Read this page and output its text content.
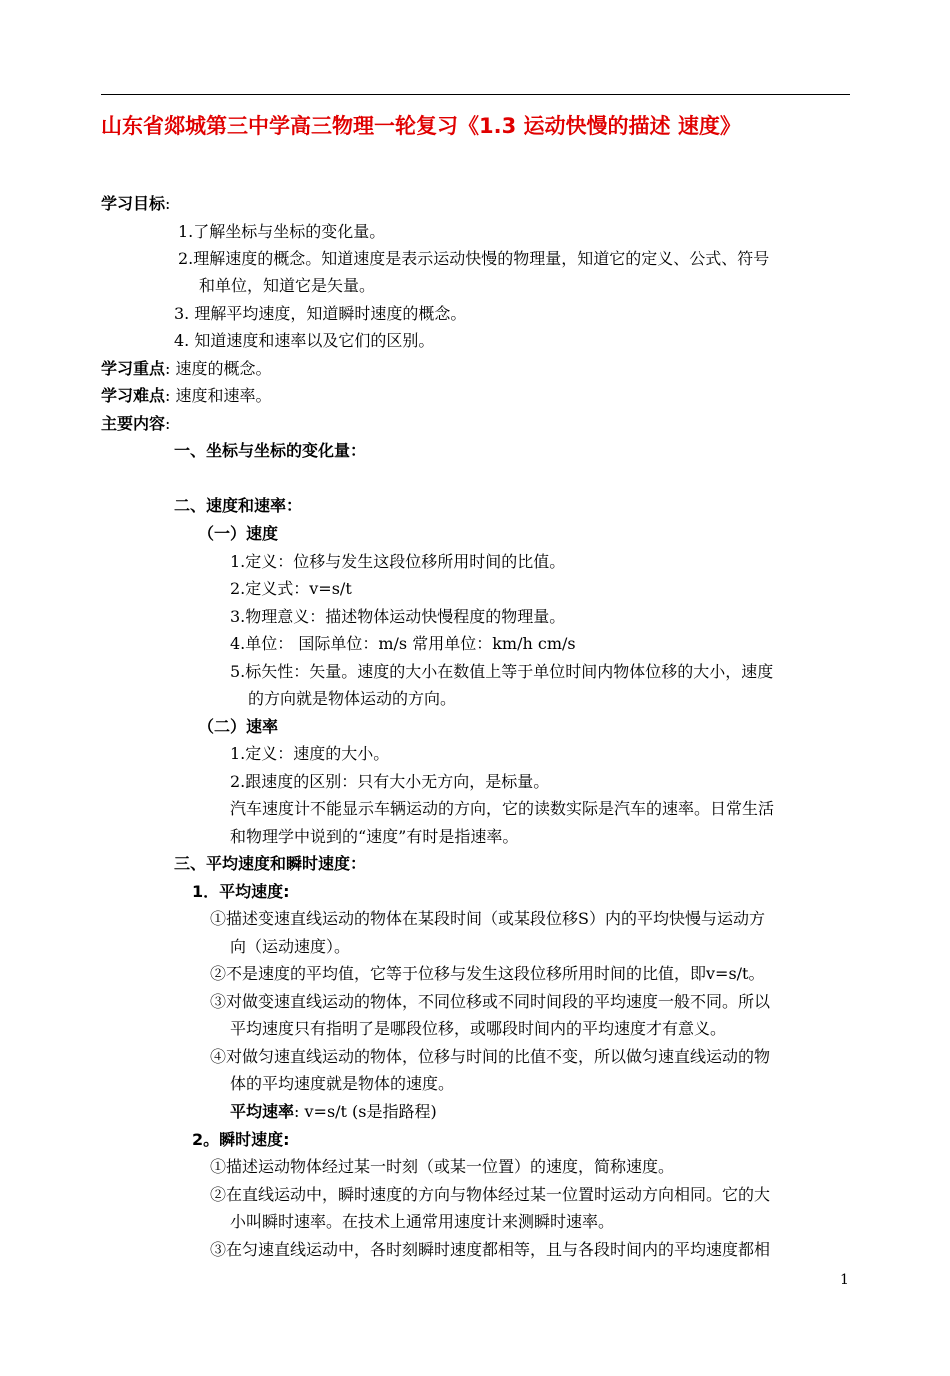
山东省郯城第三中学高三物理一轮复习《1.3 运动快慢的描述 速度》
学习目标:
1.了解坐标与坐标的变化量。
2.理解速度的概念。知道速度是表示运动快慢的物理量，知道它的定义、公式、符号
和单位，知道它是矢量。
3. 理解平均速度，知道瞬时速度的概念。
4. 知道速度和速率以及它们的区别。
学习重点: 速度的概念。
学习难点: 速度和速率。
主要内容:
一、坐标与坐标的变化量：
二、速度和速率：
（一）速度
1.定义：位移与发生这段位移所用时间的比值。
2.定义式：v=s/t
3.物理意义：描述物体运动快慢程度的物理量。
4.单位： 国际单位：m/s 常用单位：km/h cm/s
5.标矢性：矢量。速度的大小在数值上等于单位时间内物体位移的大小，速度
的方向就是物体运动的方向。
（二）速率
1.定义：速度的大小。
2.跟速度的区别：只有大小无方向，是标量。
汽车速度计不能显示车辆运动的方向，它的读数实际是汽车的速率。日常生活
和物理学中说到的“速度”有时是指速率。
三、平均速度和瞬时速度：
1．平均速度:
①描述变速直线运动的物体在某段时间（或某段位移S）内的平均快慢与运动方
向（运动速度）。
②不是速度的平均值，它等于位移与发生这段位移所用时间的比值，即v=s/t。
③对做变速直线运动的物体，不同位移或不同时间段的平均速度一般不同。所以
平均速度只有指明了是哪段位移，或哪段时间内的平均速度才有意义。
④对做匀速直线运动的物体，位移与时间的比值不变，所以做匀速直线运动的物
体的平均速度就是物体的速度。
平均速率: v=s/t (s是指路程)
2。瞬时速度:
①描述运动物体经过某一时刻（或某一位置）的速度，简称速度。
②在直线运动中，瞬时速度的方向与物体经过某一位置时运动方向相同。它的大
小叫瞬时速率。在技术上通常用速度计来测瞬时速率。
③在匀速直线运动中，各时刻瞬时速度都相等，且与各段时间内的平均速度都相
1
